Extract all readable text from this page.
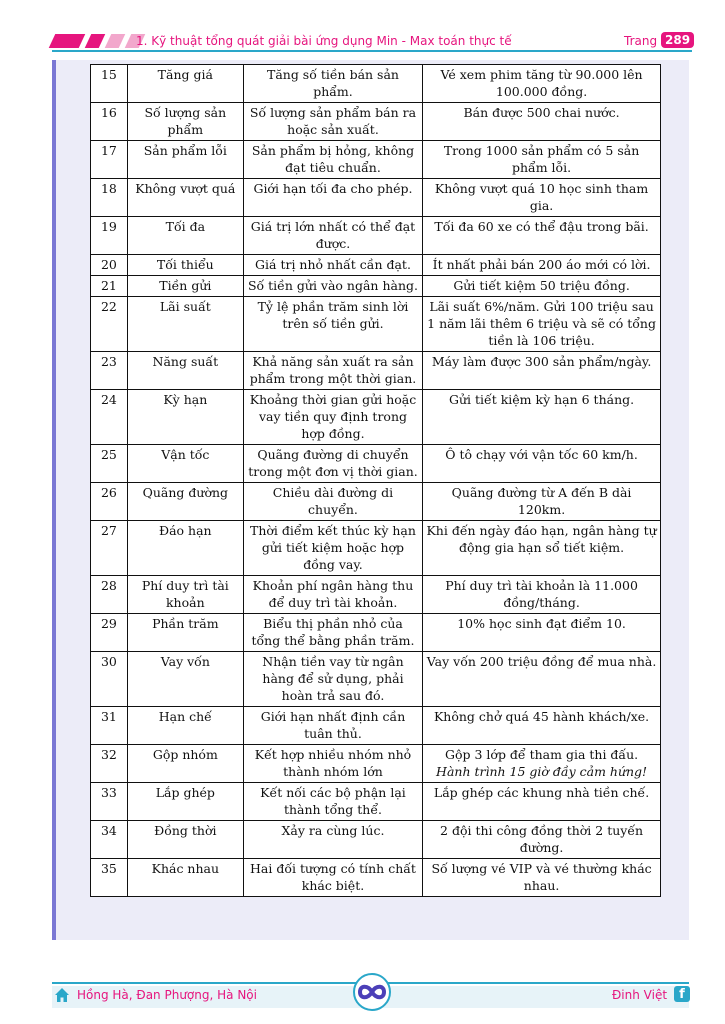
1. Kỹ thuật tổng quát giải bài ứng dụng Min - Max toán thực tế	Trang 289
15	Tăng giá	Tăng số tiền bán sản phẩm.	Vé xem phim tăng từ 90.000 lên 100.000 đồng.
16	Số lượng sản phẩm	Số lượng sản phẩm bán ra hoặc sản xuất.	Bán được 500 chai nước.
17	Sản phẩm lỗi	Sản phẩm bị hỏng, không đạt tiêu chuẩn.	Trong 1000 sản phẩm có 5 sản phẩm lỗi.
18	Không vượt quá	Giới hạn tối đa cho phép.	Không vượt quá 10 học sinh tham gia.
19	Tối đa	Giá trị lớn nhất có thể đạt được.	Tối đa 60 xe có thể đậu trong bãi.
20	Tối thiểu	Giá trị nhỏ nhất cần đạt.	Ít nhất phải bán 200 áo mới có lời.
21	Tiền gửi	Số tiền gửi vào ngân hàng.	Gửi tiết kiệm 50 triệu đồng.
22	Lãi suất	Tỷ lệ phần trăm sinh lời trên số tiền gửi.	Lãi suất 6%/năm. Gửi 100 triệu sau 1 năm lãi thêm 6 triệu và sẽ có tổng tiền là 106 triệu.
23	Năng suất	Khả năng sản xuất ra sản phẩm trong một thời gian.	Máy làm được 300 sản phẩm/ngày.
24	Kỳ hạn	Khoảng thời gian gửi hoặc vay tiền quy định trong hợp đồng.	Gửi tiết kiệm kỳ hạn 6 tháng.
25	Vận tốc	Quãng đường di chuyển trong một đơn vị thời gian.	Ô tô chạy với vận tốc 60 km/h.
26	Quãng đường	Chiều dài đường di chuyển.	Quãng đường từ A đến B dài 120km.
27	Đáo hạn	Thời điểm kết thúc kỳ hạn gửi tiết kiệm hoặc hợp đồng vay.	Khi đến ngày đáo hạn, ngân hàng tự động gia hạn sổ tiết kiệm.
28	Phí duy trì tài khoản	Khoản phí ngân hàng thu để duy trì tài khoản.	Phí duy trì tài khoản là 11.000 đồng/tháng.
29	Phần trăm	Biểu thị phần nhỏ của tổng thể bằng phần trăm.	10% học sinh đạt điểm 10.
30	Vay vốn	Nhận tiền vay từ ngân hàng để sử dụng, phải hoàn trả sau đó.	Vay vốn 200 triệu đồng để mua nhà.
31	Hạn chế	Giới hạn nhất định cần tuân thủ.	Không chở quá 45 hành khách/xe.
32	Gộp nhóm	Kết hợp nhiều nhóm nhỏ thành nhóm lớn	Gộp 3 lớp để tham gia thi đấu.
Hành trình 15 giờ đầy cảm hứng!

33	Lắp ghép	Kết nối các bộ phận lại thành tổng thể.	Lắp ghép các khung nhà tiền chế.
34	Đồng thời	Xảy ra cùng lúc.	2 đội thi công đồng thời 2 tuyến đường.
35	Khác nhau	Hai đối tượng có tính chất khác biệt.	Số lượng vé VIP và vé thường khác nhau.
Hồng Hà, Đan Phượng, Hà Nội	Đinh Việt f
